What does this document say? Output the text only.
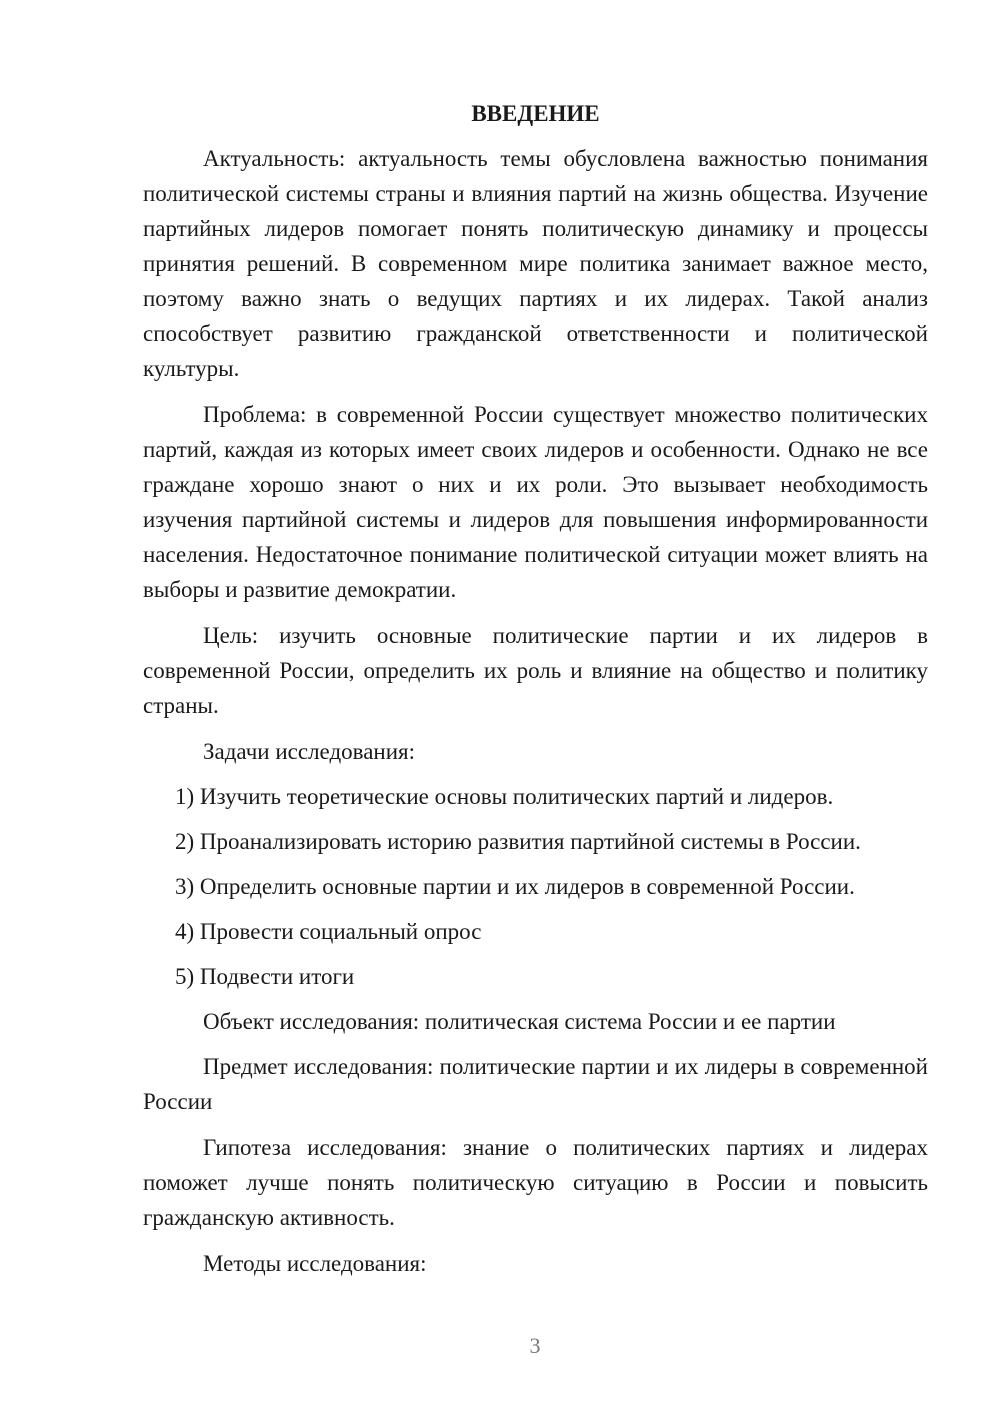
ВВЕДЕНИЕ

Актуальность: актуальность темы обусловлена важностью понимания политической системы страны и влияния партий на жизнь общества. Изучение партийных лидеров помогает понять политическую динамику и процессы принятия решений. В современном мире политика занимает важное место, поэтому важно знать о ведущих партиях и их лидерах. Такой анализ способствует развитию гражданской ответственности и политической культуры.

Проблема: в современной России существует множество политических партий, каждая из которых имеет своих лидеров и особенности. Однако не все граждане хорошо знают о них и их роли. Это вызывает необходимость изучения партийной системы и лидеров для повышения информированности населения. Недостаточное понимание политической ситуации может влиять на выборы и развитие демократии.

Цель: изучить основные политические партии и их лидеров в современной России, определить их роль и влияние на общество и политику страны.

Задачи исследования:

1) Изучить теоретические основы политических партий и лидеров.

2) Проанализировать историю развития партийной системы в России.

3) Определить основные партии и их лидеров в современной России.

4) Провести социальный опрос

5) Подвести итоги

Объект исследования: политическая система России и ее партии

Предмет исследования: политические партии и их лидеры в современной России

Гипотеза исследования: знание о политических партиях и лидерах поможет лучше понять политическую ситуацию в России и повысить гражданскую активность.

Методы исследования:

3
